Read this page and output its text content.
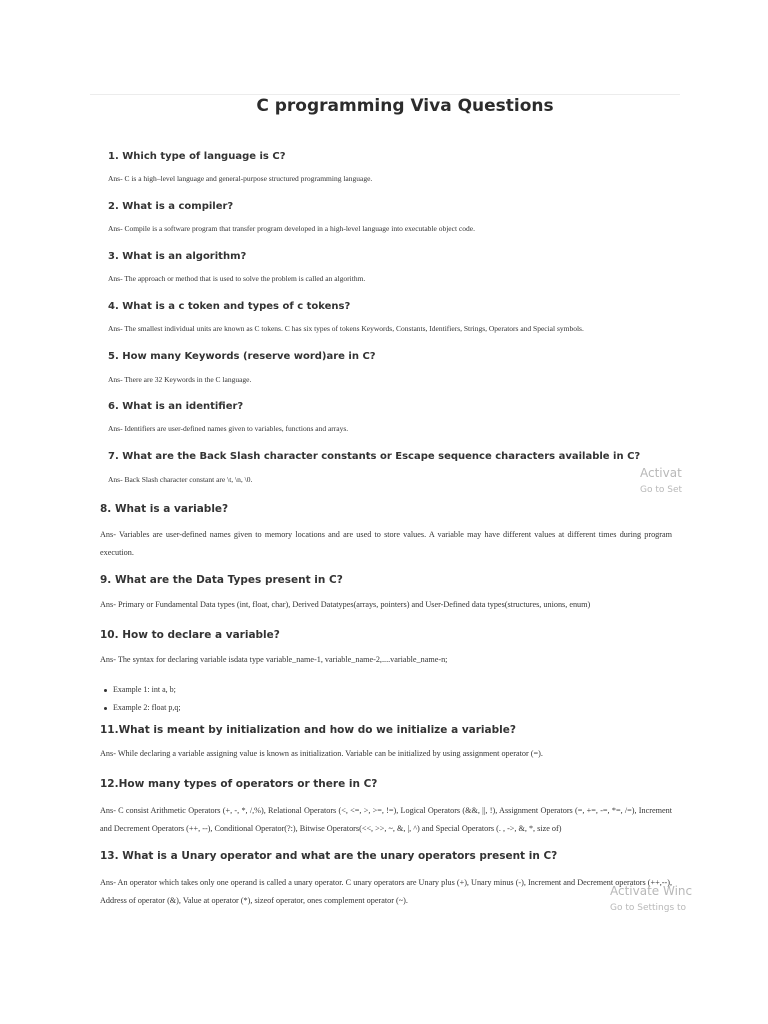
C programming Viva Questions

1. Which type of language is C?

Ans- C is a high–level language and general-purpose structured programming language.

2. What is a compiler?

Ans- Compile is a software program that transfer program developed in a high-level language into executable object code.

3. What is an algorithm?

Ans- The approach or method that is used to solve the problem is called an algorithm.

4. What is a c token and types of c tokens?

Ans- The smallest individual units are known as C tokens. C has six types of tokens Keywords, Constants, Identifiers, Strings, Operators and Special symbols.

5. How many Keywords (reserve word)are in C?

Ans- There are 32 Keywords in the C language.

6. What is an identifier?

Ans- Identifiers are user-defined names given to variables, functions and arrays.

7. What are the Back Slash character constants or Escape sequence characters available in C?

Ans- Back Slash character constant are \t, \n, \0.	Activat

Go to Set

8. What is a variable?

Ans- Variables are user-defined names given to memory locations and are used to store values. A variable may have different values at different times during program execution.

9. What are the Data Types present in C?

Ans- Primary or Fundamental Data types (int, float, char), Derived Datatypes(arrays, pointers) and User-Defined data types(structures, unions, enum)

10. How to declare a variable?

Ans- The syntax for declaring variable isdata type variable_name-1, variable_name-2,....variable_name-n;

11.What is meant by initialization and how do we initialize a variable?

Ans- While declaring a variable assigning value is known as initialization. Variable can be initialized by using assignment operator (=).

12.How many types of operators or there in C?

Ans- C consist Arithmetic Operators (+, -, *, /,%), Relational Operators (<, <=, >, >=, !=), Logical Operators (&&, ||, !), Assignment Operators (=, +=, -=, *=, /=), Increment and Decrement Operators (++, --), Conditional Operator(?:), Bitwise Operators(<<, >>, ~, &, |, ^) and Special Operators (. , ->, &, *, size of)

13. What is a Unary operator and what are the unary operators present in C?

Ans- An operator which takes only one operand is called a unary operator. C unary operators are Unary plus (+), Unary minus (-), Increment and Decrement operators (++,--), Address of operator (&), Value at operator (*), sizeof operator, ones complement operator (~).

Example 1: int a, b;
Example 2: float p,q;

Activate Winc

Go to Settings to
